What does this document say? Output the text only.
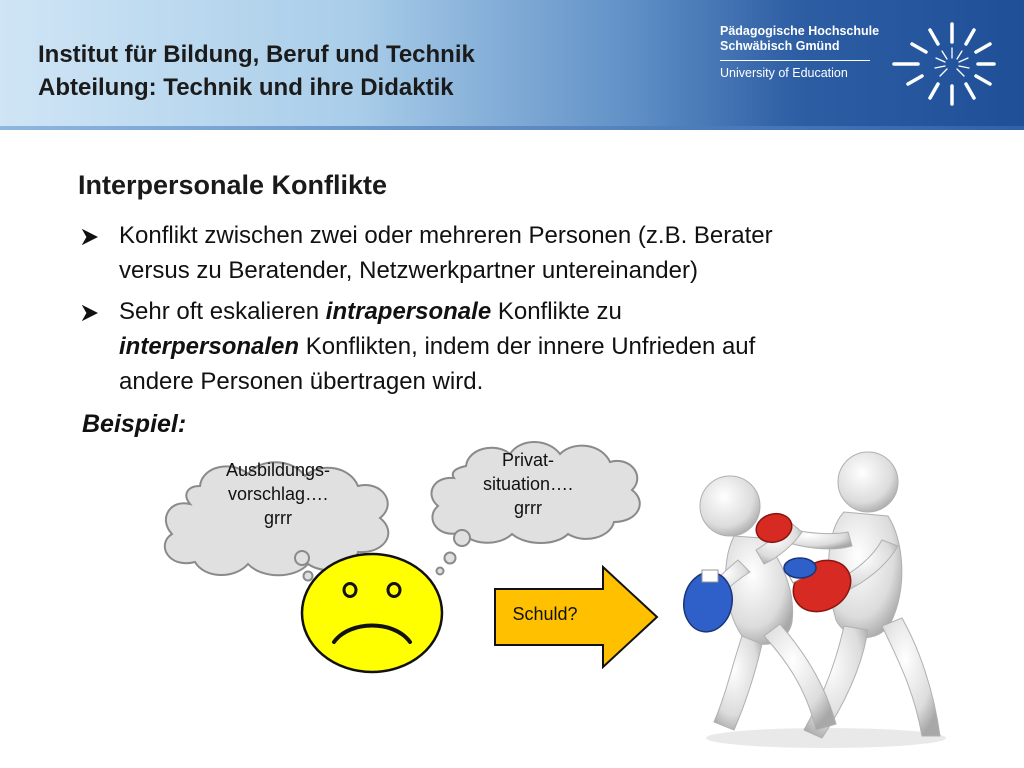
Institut für Bildung, Beruf und Technik
Abteilung: Technik und ihre Didaktik
Pädagogische Hochschule
Schwäbisch Gmünd
University of Education
Interpersonale Konflikte
Konflikt zwischen zwei oder mehreren Personen (z.B. Berater
versus zu Beratender, Netzwerkpartner untereinander)
Sehr oft eskalieren intrapersonale Konflikte zu
interpersonalen Konflikten, indem der innere Unfrieden auf
andere Personen übertragen wird.
Beispiel:
Ausbildungs-
vorschlag….
grrr
Privat-
situation….
grrr
Schuld?
